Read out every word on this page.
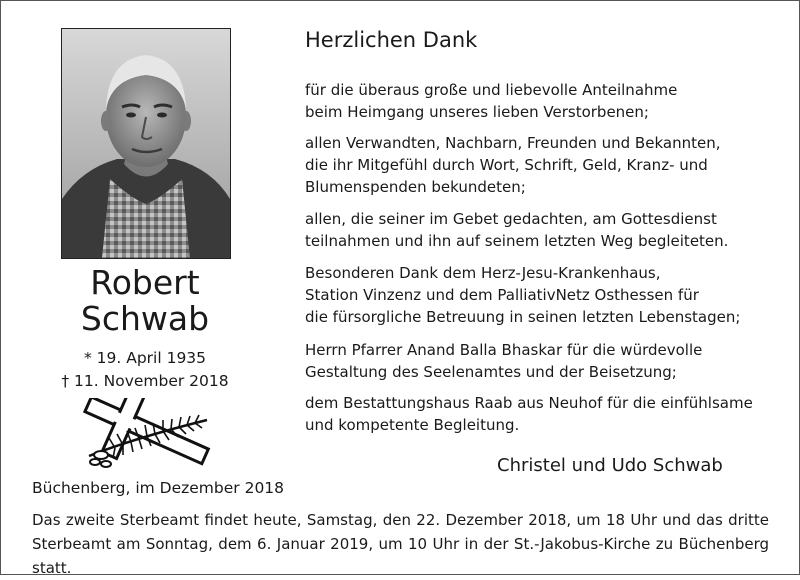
Robert
Schwab
* 19. April 1935
† 11. November 2018
Büchenberg, im Dezember 2018
Herzlichen Dank

für die überaus große und liebevolle Anteilnahme
beim Heimgang unseres lieben Verstorbenen;

allen Verwandten, Nachbarn, Freunden und Bekannten,
die ihr Mitgefühl durch Wort, Schrift, Geld, Kranz- und
Blumenspenden bekundeten;

allen, die seiner im Gebet gedachten, am Gottesdienst
teilnahmen und ihn auf seinem letzten Weg begleiteten.

Besonderen Dank dem Herz-Jesu-Krankenhaus,
Station Vinzenz und dem PalliativNetz Osthessen für
die fürsorgliche Betreuung in seinen letzten Lebenstagen;

Herrn Pfarrer Anand Balla Bhaskar für die würdevolle
Gestaltung des Seelenamtes und der Beisetzung;

dem Bestattungshaus Raab aus Neuhof für die einfühlsame
und kompetente Begleitung.

Christel und Udo Schwab

Das zweite Sterbeamt findet heute, Samstag, den 22. Dezember 2018, um 18 Uhr und das dritte
Sterbeamt am Sonntag, dem 6. Januar 2019, um 10 Uhr in der St.-Jakobus-Kirche zu Büchenberg statt.
